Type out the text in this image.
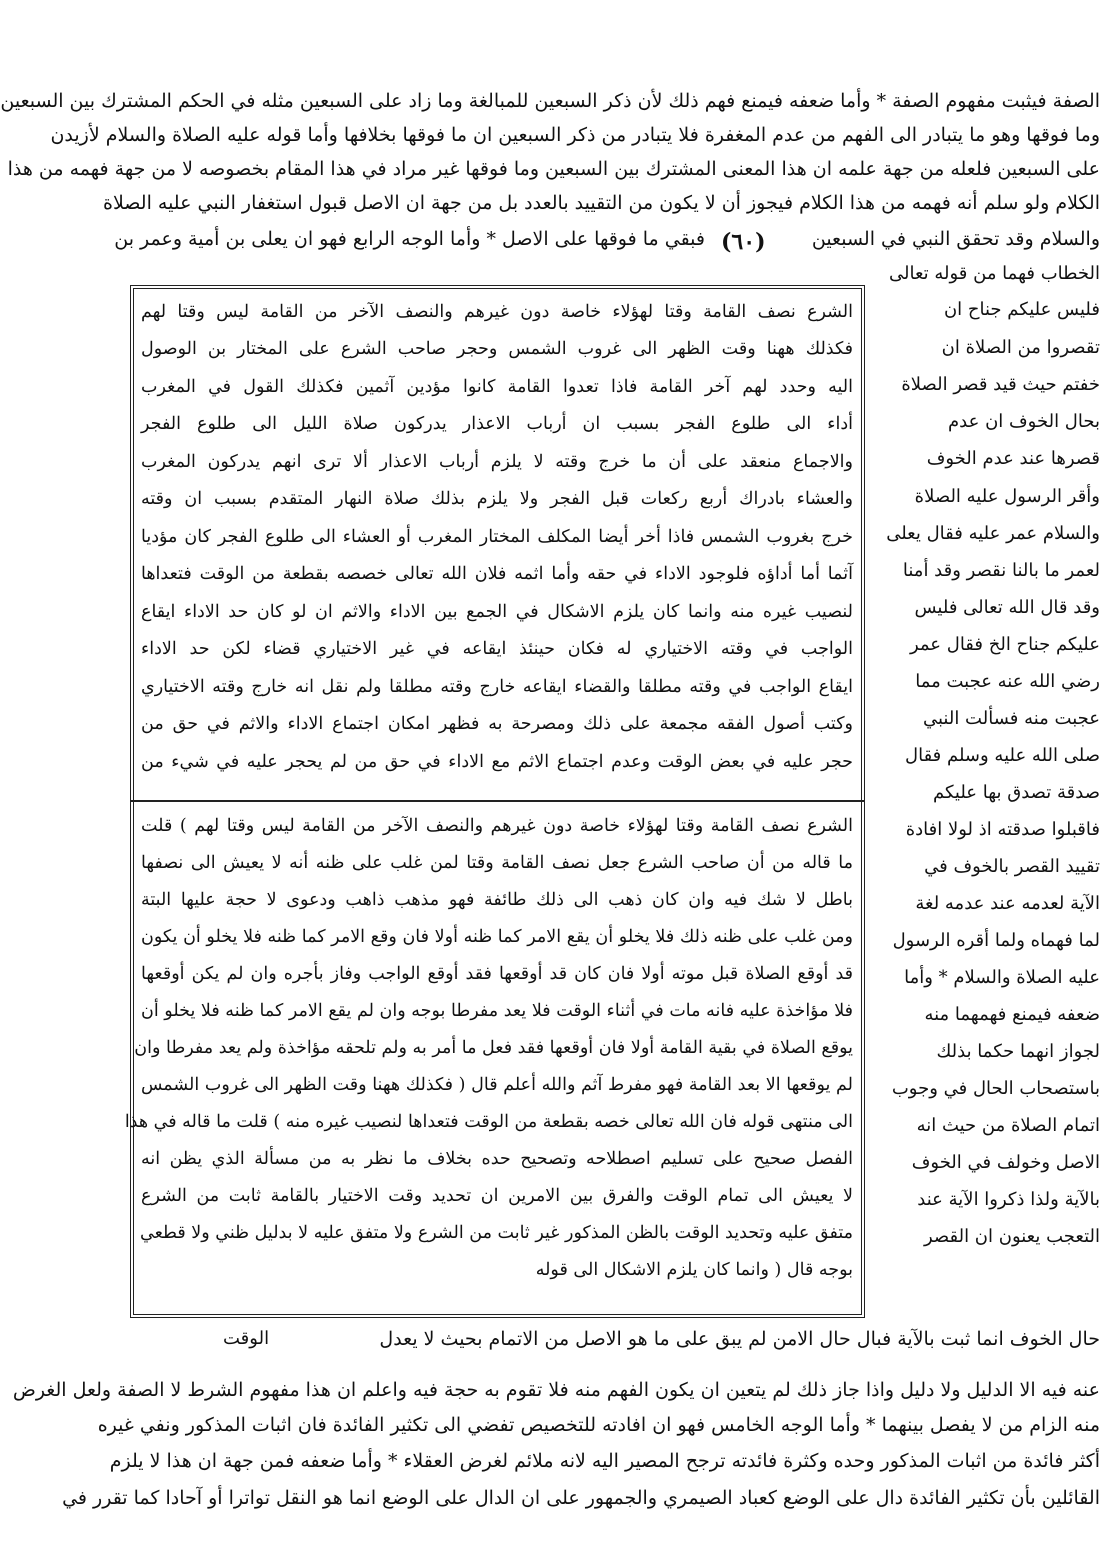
الصفة فيثبت مفهوم الصفة * وأما ضعفه فيمنع فهم ذلك لأن ذكر السبعين للمبالغة وما زاد على السبعين مثله في الحكم المشترك بين السبعين
وما فوقها وهو ما يتبادر الى الفهم من عدم المغفرة فلا يتبادر من ذكر السبعين ان ما فوقها بخلافها وأما قوله عليه الصلاة والسلام لأزيدن
على السبعين فلعله من جهة علمه ان هذا المعنى المشترك بين السبعين وما فوقها غير مراد في هذا المقام بخصوصه لا من جهة فهمه من هذا
الكلام ولو سلم أنه فهمه من هذا الكلام فيجوز أن لا يكون من التقييد بالعدد بل من جهة ان الاصل قبول استغفار النبي عليه الصلاة
والسلام وقد تحقق النبي في السبعين
(٦٠)
فبقي ما فوقها على الاصل * وأما الوجه الرابع فهو ان يعلى بن أمية وعمر بن
الخطاب فهما من قوله تعالى
فليس عليكم جناح ان
تقصروا من الصلاة ان
خفتم حيث قيد قصر الصلاة
بحال الخوف ان عدم
قصرها عند عدم الخوف
وأقر الرسول عليه الصلاة
والسلام عمر عليه فقال يعلى
لعمر ما بالنا نقصر وقد أمنا
وقد قال الله تعالى فليس
عليكم جناح الخ فقال عمر
رضي الله عنه عجبت مما
عجبت منه فسألت النبي
صلى الله عليه وسلم فقال
صدقة تصدق بها عليكم
فاقبلوا صدقته اذ لولا افادة
تقييد القصر بالخوف في
الآية لعدمه عند عدمه لغة
لما فهماه ولما أقره الرسول
عليه الصلاة والسلام * وأما
ضعفه فيمنع فهمهما منه
لجواز انهما حكما بذلك
باستصحاب الحال في وجوب
اتمام الصلاة من حيث انه
الاصل وخولف في الخوف
بالآية ولذا ذكروا الآية عند
التعجب يعنون ان القصر
الشرع نصف القامة وقتا لهؤلاء خاصة دون غيرهم والنصف الآخر من القامة ليس وقتا لهم
فكذلك ههنا وقت الظهر الى غروب الشمس وحجر صاحب الشرع على المختار بن الوصول
اليه وحدد لهم آخر القامة فاذا تعدوا القامة كانوا مؤدين آثمين فكذلك القول في المغرب
أداء الى طلوع الفجر بسبب ان أرباب الاعذار يدركون صلاة الليل الى طلوع الفجر
والاجماع منعقد على أن ما خرج وقته لا يلزم أرباب الاعذار ألا ترى انهم يدركون المغرب
والعشاء بادراك أربع ركعات قبل الفجر ولا يلزم بذلك صلاة النهار المتقدم بسبب ان وقته
خرج بغروب الشمس فاذا أخر أيضا المكلف المختار المغرب أو العشاء الى طلوع الفجر كان مؤديا
آثما أما أداؤه فلوجود الاداء في حقه وأما اثمه فلان الله تعالى خصصه بقطعة من الوقت فتعداها
لنصيب غيره منه وانما كان يلزم الاشكال في الجمع بين الاداء والاثم ان لو كان حد الاداء ايقاع
الواجب في وقته الاختياري له فكان حينئذ ايقاعه في غير الاختياري قضاء لكن حد الاداء
ايقاع الواجب في وقته مطلقا والقضاء ايقاعه خارج وقته مطلقا ولم نقل انه خارج وقته الاختياري
وكتب أصول الفقه مجمعة على ذلك ومصرحة به فظهر امكان اجتماع الاداء والاثم في حق من
حجر عليه في بعض الوقت وعدم اجتماع الاثم مع الاداء في حق من لم يحجر عليه في شيء من
الشرع نصف القامة وقتا لهؤلاء خاصة دون غيرهم والنصف الآخر من القامة ليس وقتا لهم ) قلت
ما قاله من أن صاحب الشرع جعل نصف القامة وقتا لمن غلب على ظنه أنه لا يعيش الى نصفها
باطل لا شك فيه وان كان ذهب الى ذلك طائفة فهو مذهب ذاهب ودعوى لا حجة عليها البتة
ومن غلب على ظنه ذلك فلا يخلو أن يقع الامر كما ظنه أولا فان وقع الامر كما ظنه فلا يخلو أن يكون
قد أوقع الصلاة قبل موته أولا فان كان قد أوقعها فقد أوقع الواجب وفاز بأجره وان لم يكن أوقعها
فلا مؤاخذة عليه فانه مات في أثناء الوقت فلا يعد مفرطا بوجه وان لم يقع الامر كما ظنه فلا يخلو أن
يوقع الصلاة في بقية القامة أولا فان أوقعها فقد فعل ما أمر به ولم تلحقه مؤاخذة ولم يعد مفرطا وان
لم يوقعها الا بعد القامة فهو مفرط آثم والله أعلم قال ( فكذلك ههنا وقت الظهر الى غروب الشمس
الى منتهى قوله فان الله تعالى خصه بقطعة من الوقت فتعداها لنصيب غيره منه ) قلت ما قاله في هذا
الفصل صحيح على تسليم اصطلاحه وتصحيح حده بخلاف ما نظر به من مسألة الذي يظن انه
لا يعيش الى تمام الوقت والفرق بين الامرين ان تحديد وقت الاختيار بالقامة ثابت من الشرع
متفق عليه وتحديد الوقت بالظن المذكور غير ثابت من الشرع ولا متفق عليه لا بدليل ظني ولا قطعي
بوجه قال ( وانما كان يلزم الاشكال الى قوله
حال الخوف انما ثبت بالآية فبال حال الامن لم يبق على ما هو الاصل من الاتمام بحيث لا يعدل
الوقت
عنه فيه الا الدليل ولا دليل واذا جاز ذلك لم يتعين ان يكون الفهم منه فلا تقوم به حجة فيه واعلم ان هذا مفهوم الشرط لا الصفة ولعل الغرض
منه الزام من لا يفصل بينهما * وأما الوجه الخامس فهو ان افادته للتخصيص تفضي الى تكثير الفائدة فان اثبات المذكور ونفي غيره
أكثر فائدة من اثبات المذكور وحده وكثرة فائدته ترجح المصير اليه لانه ملائم لغرض العقلاء * وأما ضعفه فمن جهة ان هذا لا يلزم
القائلين بأن تكثير الفائدة دال على الوضع كعباد الصيمري والجمهور على ان الدال على الوضع انما هو النقل تواترا أو آحادا كما تقرر في
